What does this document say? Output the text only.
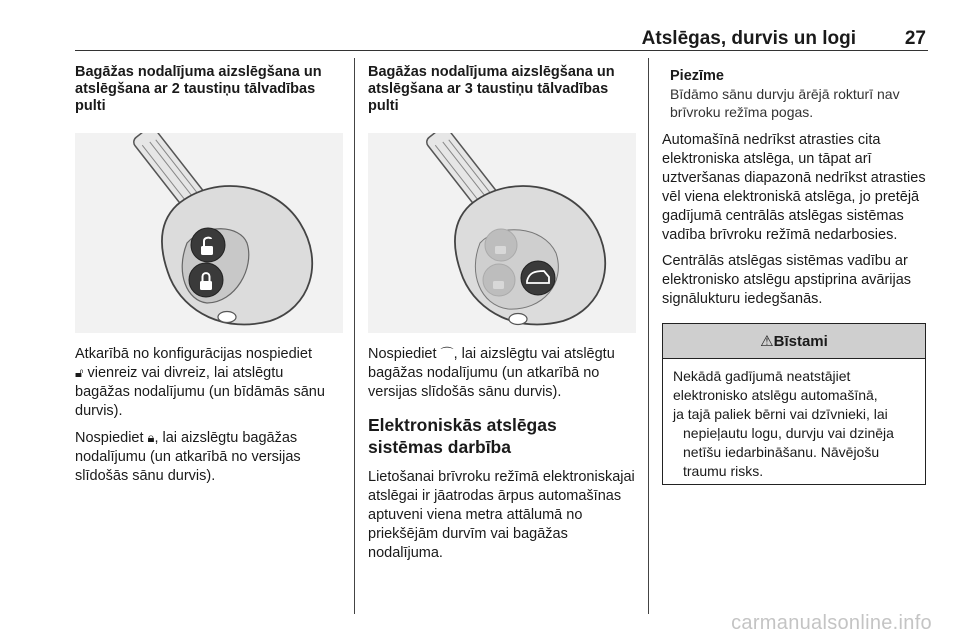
Atslēgas, durvis un logi	27

Bagāžas nodalījuma aizslēgšana un atslēgšana ar 2 taustiņu tālvadības pulti

Atkarībā no konfigurācijas nospiediet
🔓︎ vienreiz vai divreiz, lai atslēgtu bagāžas nodalījumu (un bīdāmās sānu durvis).

Nospiediet 🔒︎, lai aizslēgtu bagāžas nodalījumu (un atkarībā no versijas slīdošās sānu durvis).

Bagāžas nodalījuma aizslēgšana un atslēgšana ar 3 taustiņu tālvadības pulti

Nospiediet ⌒, lai aizslēgtu vai atslēgtu bagāžas nodalījumu (un atkarībā no versijas slīdošās sānu durvis).

Elektroniskās atslēgas sistēmas darbība

Lietošanai brīvroku režīmā elektroniskajai atslēgai ir jāatrodas ārpus automašīnas aptuveni viena metra attālumā no priekšējām durvīm vai bagāžas nodalījuma.

Piezīme

Bīdāmo sānu durvju ārējā rokturī nav brīvroku režīma pogas.

Automašīnā nedrīkst atrasties cita elektroniska atslēga, un tāpat arī uztveršanas diapazonā nedrīkst atrasties vēl viena elektroniskā atslēga, jo pretējā gadījumā centrālās atslēgas sistēmas vadība brīvroku režīmā nedarbosies.

Centrālās atslēgas sistēmas vadību ar elektronisko atslēgu apstiprina avārijas signālukturu iedegšanās.

⚠ Bīstami
Nekādā gadījumā neatstājiet elektronisko atslēgu automašīnā,
ja tajā paliek bērni vai dzīvnieki, lai nepieļautu logu, durvju vai dzinēja netīšu iedarbināšanu. Nāvējošu traumu risks.
carmanualsonline.info
